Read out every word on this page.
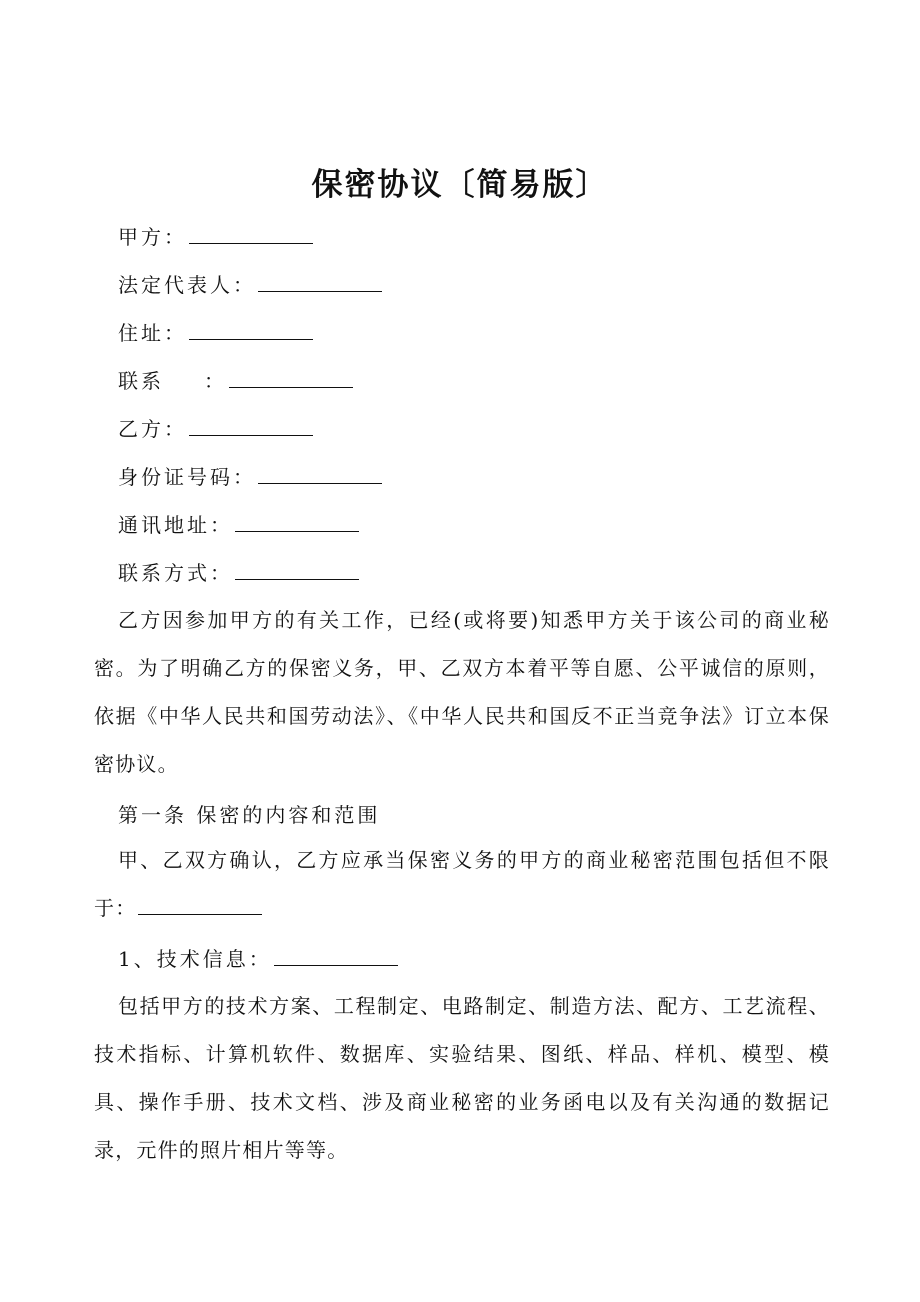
保密协议〔简易版〕
甲方：
法定代表人：
住址：
联系 ：
乙方：
身份证号码：
通讯地址：
联系方式：
乙方因参加甲方的有关工作，已经(或将要)知悉甲方关于该公司的商业秘密。为了明确乙方的保密义务，甲、乙双方本着平等自愿、公平诚信的原则，依据《中华人民共和国劳动法》、《中华人民共和国反不正当竞争法》订立本保密协议。
第一条 保密的内容和范围
甲、乙双方确认，乙方应承当保密义务的甲方的商业秘密范围包括但不限于：
1、技术信息：
包括甲方的技术方案、工程制定、电路制定、制造方法、配方、工艺流程、技术指标、计算机软件、数据库、实验结果、图纸、样品、样机、模型、模具、操作手册、技术文档、涉及商业秘密的业务函电以及有关沟通的数据记录，元件的照片相片等等。
